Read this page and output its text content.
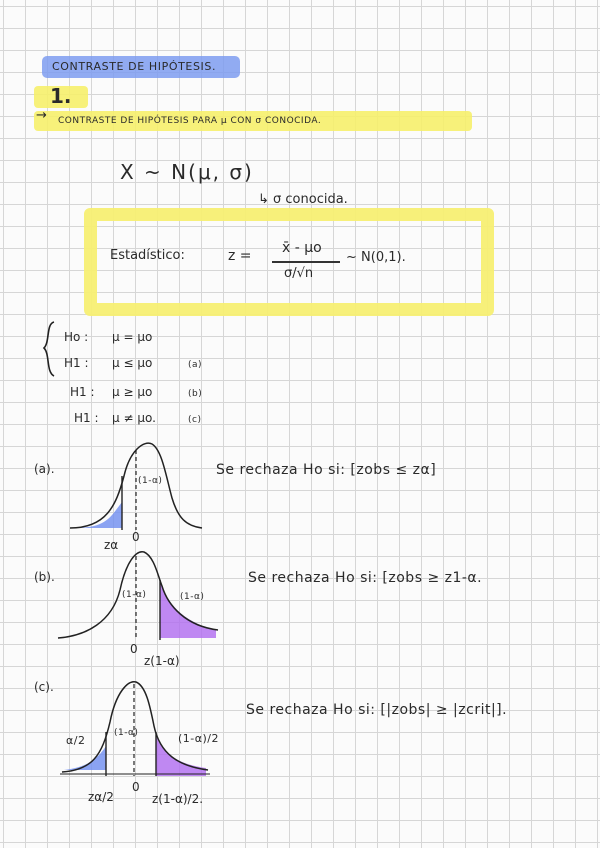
CONTRASTE DE HIPÓTESIS.
1.
→ CONTRASTE DE HIPÓTESIS PARA μ CON σ CONOCIDA.
X ~ N(μ, σ)
↳ σ conocida.
Estadístico:	z = x̄ - μo
σ/√n
~ N(0,1).
Ho : μ = μo
H1 : μ ≤ μo	(a)
H1 : μ ≥ μo	(b)
H1 : μ ≠ μo.	(c)
(a).
(1-α)
0
zα
Se rechaza Ho si: [zobs ≤ zα]
(b).
(1-α)	(1-α)
0
z(1-α)
Se rechaza Ho si: [zobs ≥ z1-α.
(c).
(1-α)
α/2	(1-α)/2
0
zα/2	z(1-α)/2.
Se rechaza Ho si: [|zobs| ≥ |zcrit|].
